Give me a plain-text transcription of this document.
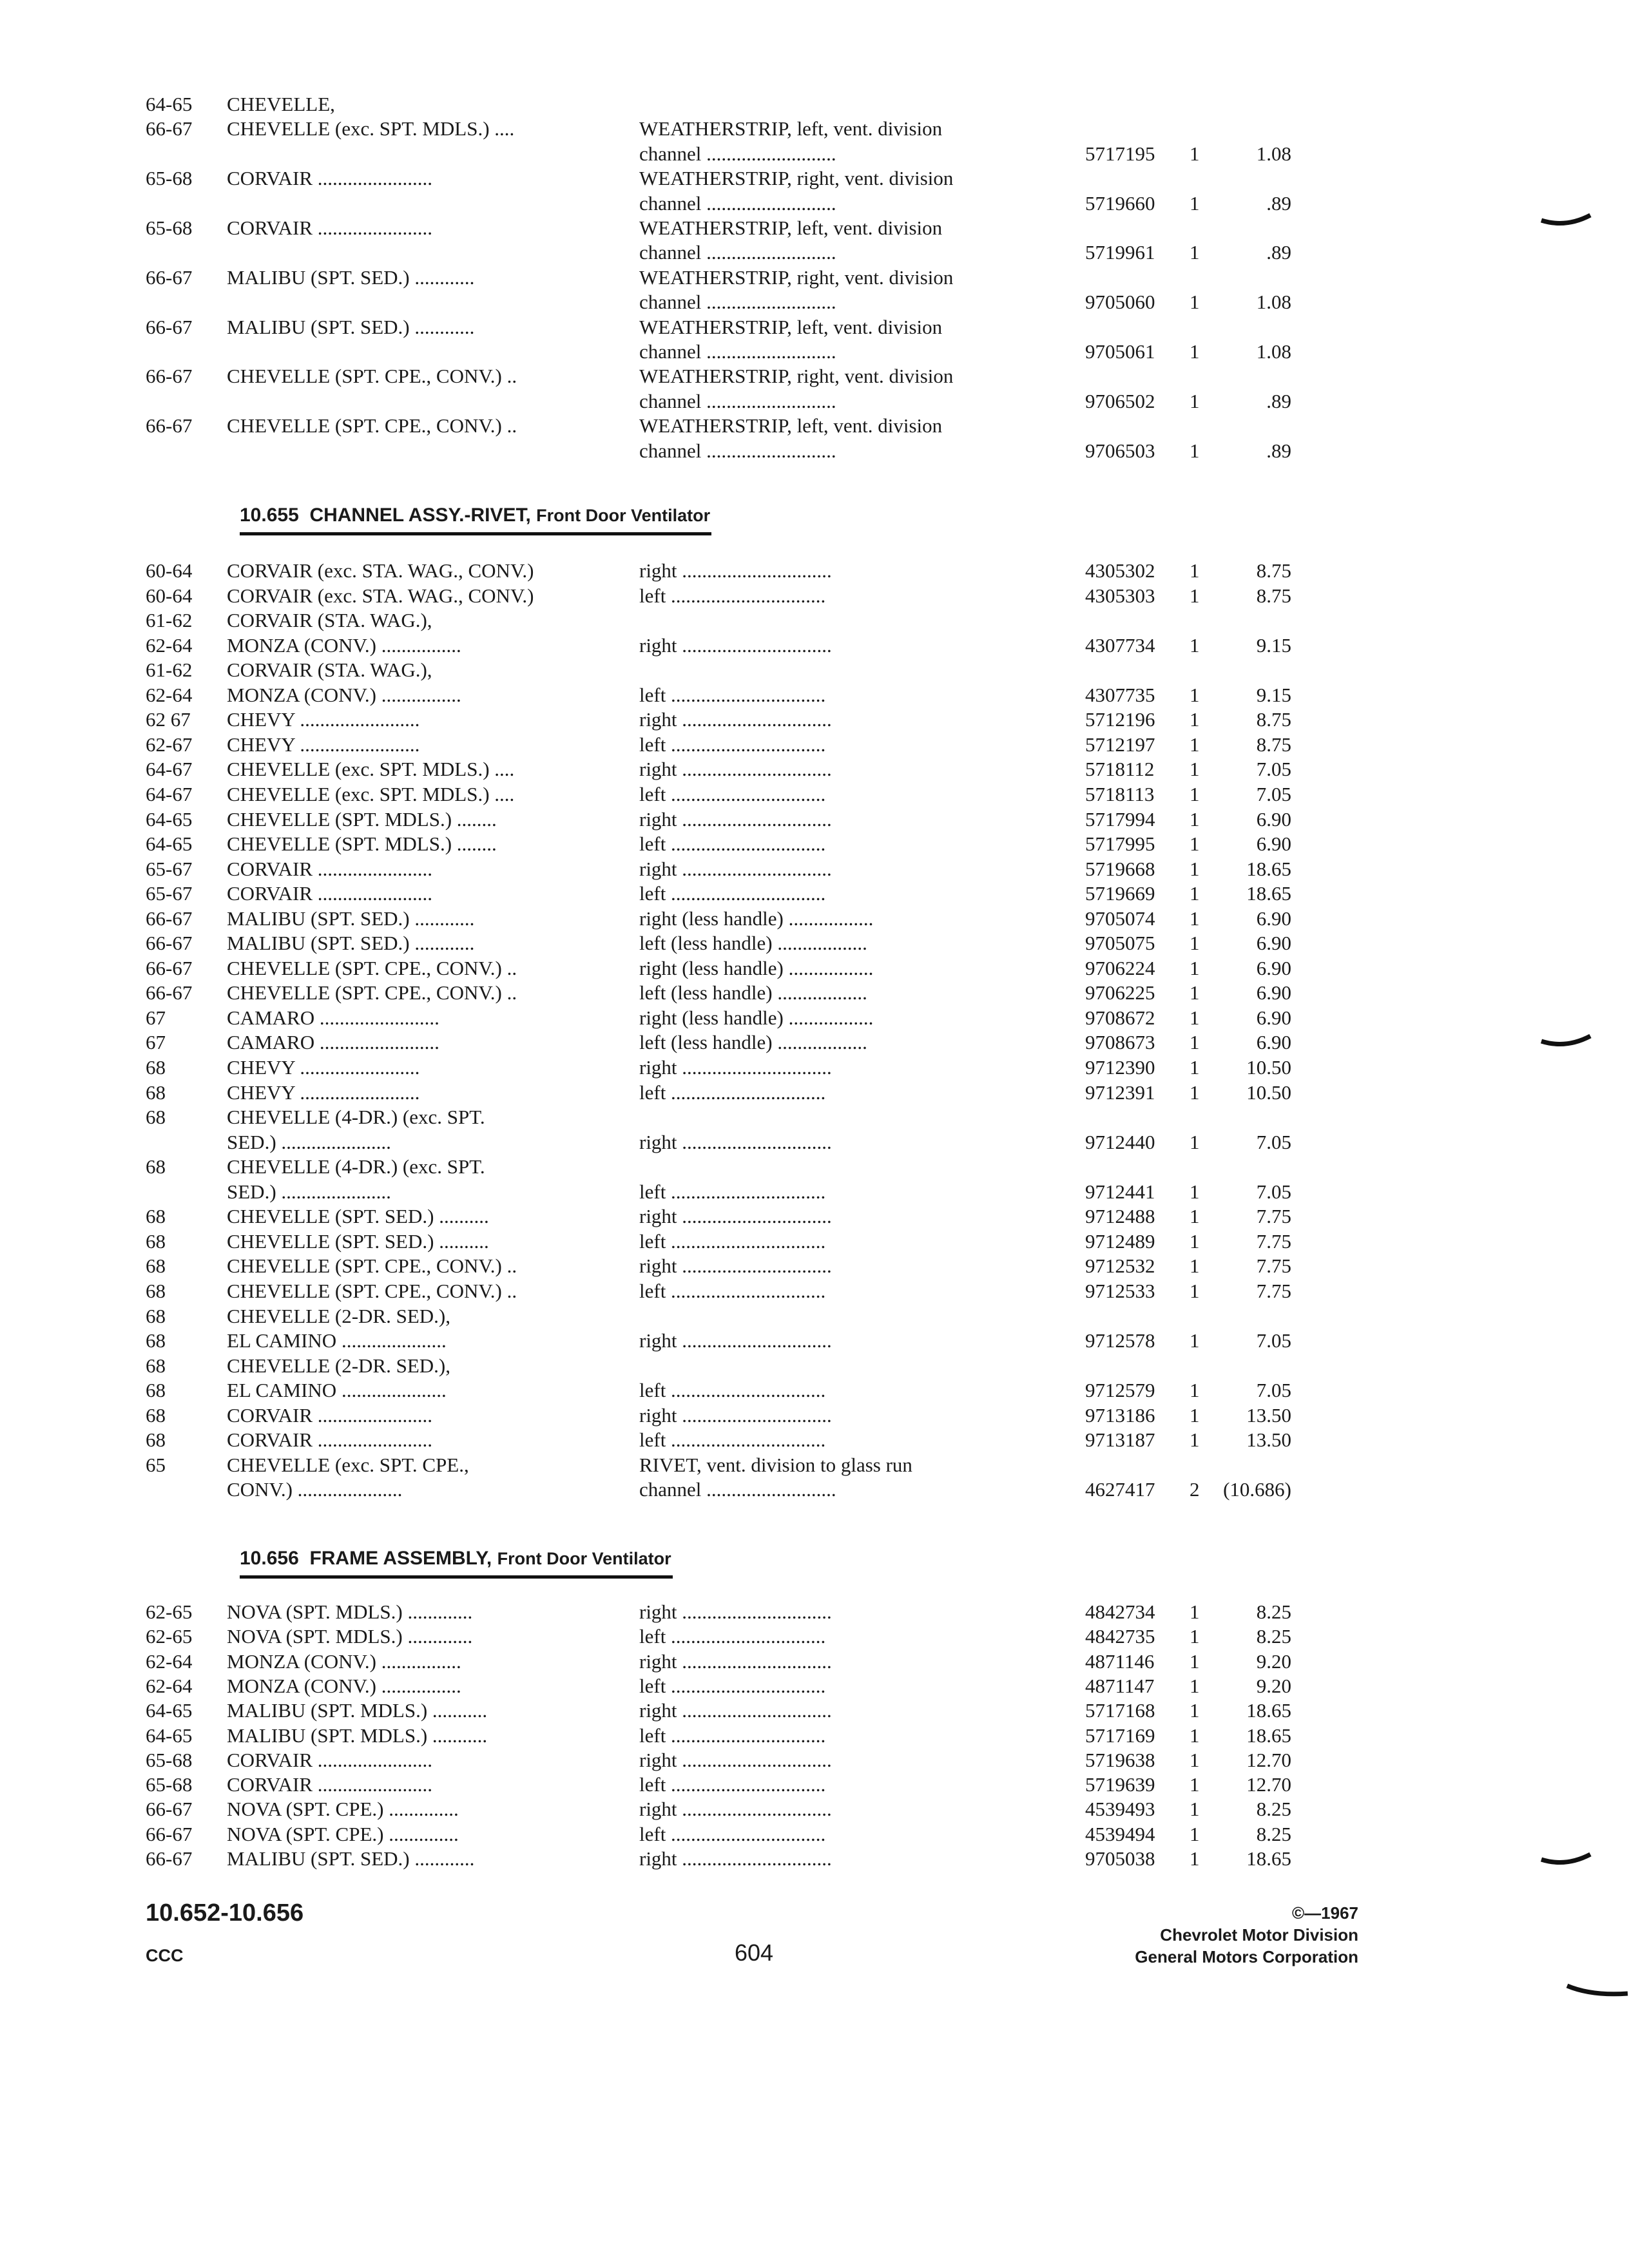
64-65 CHEVELLE,
66-67 CHEVELLE (exc. SPT. MDLS.) ....	WEATHERSTRIP, left, vent. division
channel ..........................	5717195 1	1.08
65-68 CORVAIR .......................	WEATHERSTRIP, right, vent. division
channel ..........................	5719660 1	.89
65-68 CORVAIR .......................	WEATHERSTRIP, left, vent. division
channel ..........................	5719961 1	.89
66-67 MALIBU (SPT. SED.) ............	WEATHERSTRIP, right, vent. division
channel ..........................	9705060 1	1.08
66-67 MALIBU (SPT. SED.) ............	WEATHERSTRIP, left, vent. division
channel ..........................	9705061 1	1.08
66-67 CHEVELLE (SPT. CPE., CONV.) ..	WEATHERSTRIP, right, vent. division
channel ..........................	9706502 1	.89
66-67 CHEVELLE (SPT. CPE., CONV.) ..	WEATHERSTRIP, left, vent. division
channel ..........................	9706503 1	.89
10.655 CHANNEL ASSY.-RIVET, Front Door Ventilator
60-64 CORVAIR (exc. STA. WAG., CONV.)	right ..............................	4305302 1	8.75
60-64 CORVAIR (exc. STA. WAG., CONV.)	left ...............................	4305303 1	8.75
61-62 CORVAIR (STA. WAG.),
62-64 MONZA (CONV.) ................	right ..............................	4307734 1	9.15
61-62 CORVAIR (STA. WAG.),
62-64 MONZA (CONV.) ................	left ...............................	4307735 1	9.15
62 67 CHEVY ........................	right ..............................	5712196 1	8.75
62-67 CHEVY ........................	left ...............................	5712197 1	8.75
64-67 CHEVELLE (exc. SPT. MDLS.) ....	right ..............................	5718112 1	7.05
64-67 CHEVELLE (exc. SPT. MDLS.) ....	left ...............................	5718113 1	7.05
64-65 CHEVELLE (SPT. MDLS.) ........	right ..............................	5717994 1	6.90
64-65 CHEVELLE (SPT. MDLS.) ........	left ...............................	5717995 1	6.90
65-67 CORVAIR .......................	right ..............................	5719668 1 18.65
65-67 CORVAIR .......................	left ...............................	5719669 1 18.65
66-67 MALIBU (SPT. SED.) ............	right (less handle) .................	9705074 1	6.90
66-67 MALIBU (SPT. SED.) ............	left (less handle) ..................	9705075 1	6.90
66-67 CHEVELLE (SPT. CPE., CONV.) ..	right (less handle) .................	9706224 1	6.90
66-67 CHEVELLE (SPT. CPE., CONV.) ..	left (less handle) ..................	9706225 1	6.90
67	CAMARO ........................	right (less handle) .................	9708672 1	6.90
67	CAMARO ........................	left (less handle) ..................	9708673 1	6.90
68	CHEVY ........................	right ..............................	9712390 1 10.50
68	CHEVY ........................	left ...............................	9712391 1 10.50
68	CHEVELLE (4-DR.) (exc. SPT.
SED.) ......................	right ..............................	9712440 1	7.05
68	CHEVELLE (4-DR.) (exc. SPT.
SED.) ......................	left ...............................	9712441 1	7.05
68	CHEVELLE (SPT. SED.) ..........	right ..............................	9712488 1	7.75
68	CHEVELLE (SPT. SED.) ..........	left ...............................	9712489 1	7.75
68	CHEVELLE (SPT. CPE., CONV.) ..	right ..............................	9712532 1	7.75
68	CHEVELLE (SPT. CPE., CONV.) ..	left ...............................	9712533 1	7.75
68	CHEVELLE (2-DR. SED.),
68	EL CAMINO .....................	right ..............................	9712578 1	7.05
68	CHEVELLE (2-DR. SED.),
68	EL CAMINO .....................	left ...............................	9712579 1	7.05
68	CORVAIR .......................	right ..............................	9713186 1 13.50
68	CORVAIR .......................	left ...............................	9713187 1 13.50
65	CHEVELLE (exc. SPT. CPE.,	RIVET, vent. division to glass run
CONV.) .....................	channel ..........................	4627417 2 (10.686)
10.656 FRAME ASSEMBLY, Front Door Ventilator
62-65 NOVA (SPT. MDLS.) .............	right ..............................	4842734 1	8.25
62-65 NOVA (SPT. MDLS.) .............	left ...............................	4842735 1	8.25
62-64 MONZA (CONV.) ................	right ..............................	4871146 1	9.20
62-64 MONZA (CONV.) ................	left ...............................	4871147 1	9.20
64-65 MALIBU (SPT. MDLS.) ...........	right ..............................	5717168 1 18.65
64-65 MALIBU (SPT. MDLS.) ...........	left ...............................	5717169 1 18.65
65-68 CORVAIR .......................	right ..............................	5719638 1 12.70
65-68 CORVAIR .......................	left ...............................	5719639 1 12.70
66-67 NOVA (SPT. CPE.) ..............	right ..............................	4539493 1	8.25
66-67 NOVA (SPT. CPE.) ..............	left ...............................	4539494 1	8.25
66-67 MALIBU (SPT. SED.) ............	right ..............................	9705038 1 18.65
10.652-10.656
CCC	604
©—1967
Chevrolet Motor Division
General Motors Corporation
